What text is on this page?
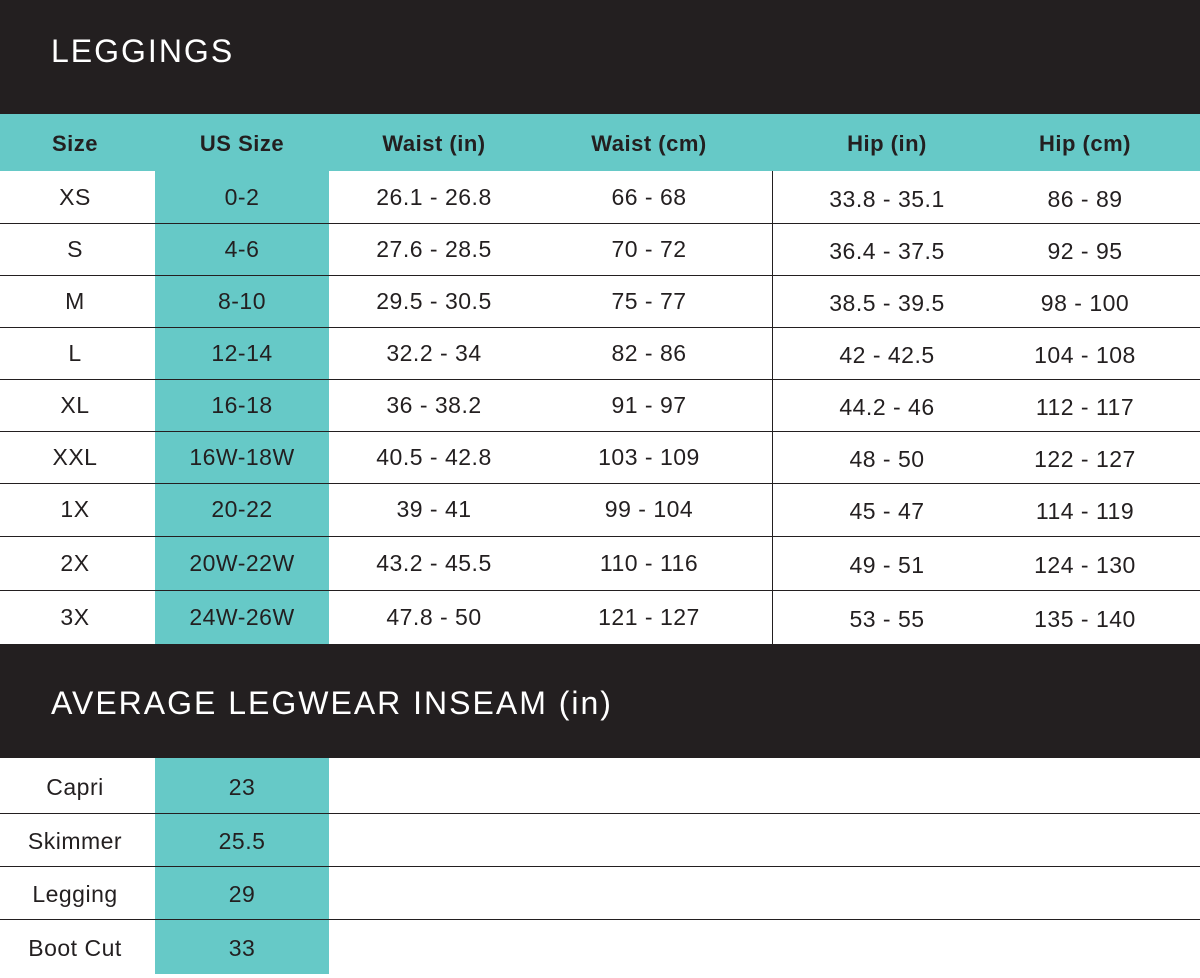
LEGGINGS
Size	US Size	Waist (in)	Waist (cm)	Hip (in)	Hip (cm)
XS	0-2	26.1 - 26.8	66 - 68	33.8 - 35.1	86 - 89
S	4-6	27.6 - 28.5	70 - 72	36.4 - 37.5	92 - 95
M	8-10	29.5 - 30.5	75 - 77	38.5 - 39.5	98 - 100
L	12-14	32.2 - 34	82 - 86	42 - 42.5	104 - 108
XL	16-18	36 - 38.2	91 - 97	44.2 - 46	112 - 117
XXL	16W-18W	40.5 - 42.8	103 - 109	48 - 50	122 - 127
1X	20-22	39 - 41	99 - 104	45 - 47	114 - 119
2X	20W-22W	43.2 - 45.5	110 - 116	49 - 51	124 - 130
3X	24W-26W	47.8 - 50	121 - 127	53 - 55	135 - 140
AVERAGE LEGWEAR INSEAM (in)
Capri	23
Skimmer	25.5
Legging	29
Boot Cut	33
